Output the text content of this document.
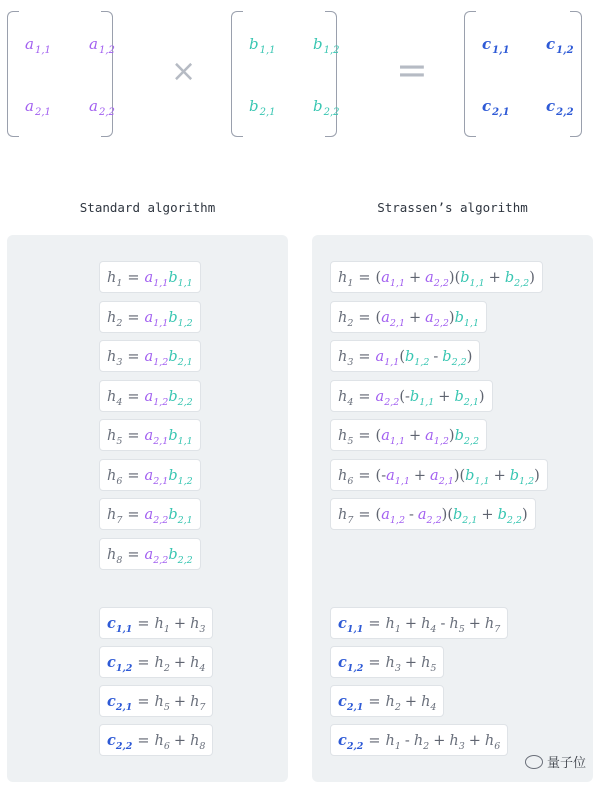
$a_{1,1}$	$a_{1,2}$
$a_{2,1}$	$a_{2,2}$
×
$b_{1,1}$ $b_{1,2}$
$b_{2,1}$ $b_{2,2}$
=
$c_{1,1}$ $c_{1,2}$
$c_{2,1}$ $c_{2,2}$
Standard algorithm	Strassen’s algorithm
$h_1 = a_{1,1}b_{1,1}$
$h_2 = a_{1,1}b_{1,2}$
$h_3 = a_{1,2}b_{2,1}$
$h_4 = a_{1,2}b_{2,2}$
$h_5 = a_{2,1}b_{1,1}$
$h_6 = a_{2,1}b_{1,2}$
$h_7 = a_{2,2}b_{2,1}$
$h_8 = a_{2,2}b_{2,2}$
$c_{1,1} = h_1 + h_3$
$c_{1,2} = h_2 + h_4$
$c_{2,1} = h_5 + h_7$
$c_{2,2} = h_6 + h_8$
$h_1 = (a_{1,1} + a_{2,2})(b_{1,1} + b_{2,2})$
$h_2 = (a_{2,1} + a_{2,2})b_{1,1}$
$h_3 = a_{1,1}(b_{1,2} - b_{2,2})$
$h_4 = a_{2,2}(-b_{1,1} + b_{2,1})$
$h_5 = (a_{1,1} + a_{1,2})b_{2,2}$
$h_6 = (-a_{1,1} + a_{2,1})(b_{1,1} + b_{1,2})$
$h_7 = (a_{1,2} - a_{2,2})(b_{2,1} + b_{2,2})$
$c_{1,1} = h_1 + h_4 - h_5 + h_7$
$c_{1,2} = h_3 + h_5$
$c_{2,1} = h_2 + h_4$
$c_{2,2} = h_1 - h_2 + h_3 + h_6$
量子位
